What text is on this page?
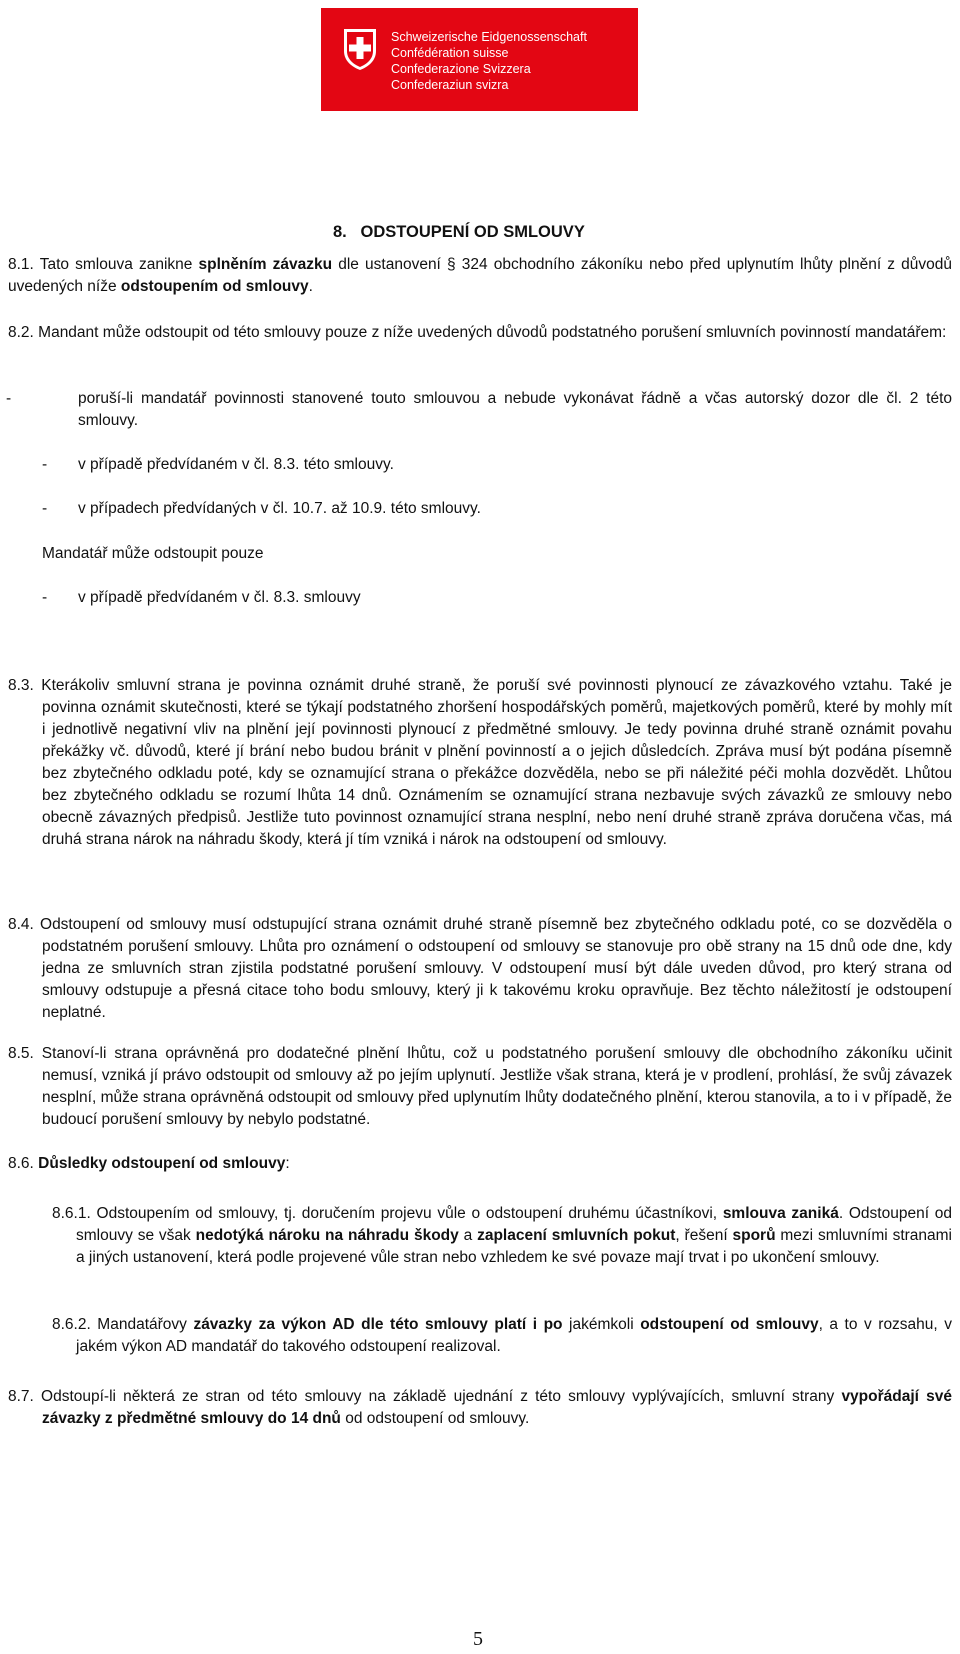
Schweizerische Eidgenossenschaft
Confédération suisse
Confederazione Svizzera
Confederaziun svizra
8.   ODSTOUPENÍ OD SMLOUVY

8.1. Tato smlouva zanikne splněním závazku dle ustanovení § 324 obchodního zákoníku nebo před uplynutím lhůty plnění z důvodů uvedených níže odstoupením od smlouvy.

8.2. Mandant může odstoupit od této smlouvy pouze z níže uvedených důvodů podstatného porušení smluvních povinností mandatářem:

-	poruší-li mandatář povinnosti stanovené touto smlouvou a nebude vykonávat řádně a včas autorský dozor dle čl. 2 této smlouvy.

- v případě předvídaném v čl. 8.3. této smlouvy.

- v případech předvídaných v čl. 10.7. až 10.9. této smlouvy.

Mandatář může odstoupit pouze

- v případě předvídaném v čl. 8.3. smlouvy

8.3. Kterákoliv smluvní strana je povinna oznámit druhé straně, že poruší své povinnosti plynoucí ze závazkového vztahu. Také je povinna oznámit skutečnosti, které se týkají podstatného zhoršení hospodářských poměrů, majetkových poměrů, které by mohly mít i jednotlivě negativní vliv na plnění její povinnosti plynoucí z předmětné smlouvy. Je tedy povinna druhé straně oznámit povahu překážky vč. důvodů, které jí brání nebo budou bránit v plnění povinností a o jejich důsledcích. Zpráva musí být podána písemně bez zbytečného odkladu poté, kdy se oznamující strana o překážce dozvěděla, nebo se při náležité péči mohla dozvědět. Lhůtou bez zbytečného odkladu se rozumí lhůta 14 dnů. Oznámením se oznamující strana nezbavuje svých závazků ze smlouvy nebo obecně závazných předpisů. Jestliže tuto povinnost oznamující strana nesplní, nebo není druhé straně zpráva doručena včas, má druhá strana nárok na náhradu škody, která jí tím vzniká i nárok na odstoupení od smlouvy.

8.4. Odstoupení od smlouvy musí odstupující strana oznámit druhé straně písemně bez zbytečného odkladu poté, co se dozvěděla o podstatném porušení smlouvy. Lhůta pro oznámení o odstoupení od smlouvy se stanovuje pro obě strany na 15 dnů ode dne, kdy jedna ze smluvních stran zjistila podstatné porušení smlouvy. V odstoupení musí být dále uveden důvod, pro který strana od smlouvy odstupuje a přesná citace toho bodu smlouvy, který ji k takovému kroku opravňuje. Bez těchto náležitostí je odstoupení neplatné.

8.5. Stanoví-li strana oprávněná pro dodatečné plnění lhůtu, což u podstatného porušení smlouvy dle obchodního zákoníku učinit nemusí, vzniká jí právo odstoupit od smlouvy až po jejím uplynutí. Jestliže však strana, která je v prodlení, prohlásí, že svůj závazek nesplní, může strana oprávněná odstoupit od smlouvy před uplynutím lhůty dodatečného plnění, kterou stanovila, a to i v případě, že budoucí porušení smlouvy by nebylo podstatné.

8.6. Důsledky odstoupení od smlouvy:

8.6.1. Odstoupením od smlouvy, tj. doručením projevu vůle o odstoupení druhému účastníkovi, smlouva zaniká. Odstoupení od smlouvy se však nedotýká nároku na náhradu škody a zaplacení smluvních pokut, řešení sporů mezi smluvními stranami a jiných ustanovení, která podle projevené vůle stran nebo vzhledem ke své povaze mají trvat i po ukončení smlouvy.

8.6.2. Mandatářovy závazky za výkon AD dle této smlouvy platí i po jakémkoli odstoupení od smlouvy, a to v rozsahu, v jakém výkon AD mandatář do takového odstoupení realizoval.

8.7. Odstoupí-li některá ze stran od této smlouvy na základě ujednání z této smlouvy vyplývajících, smluvní strany vypořádají své závazky z předmětné smlouvy do 14 dnů od odstoupení od smlouvy.

5
